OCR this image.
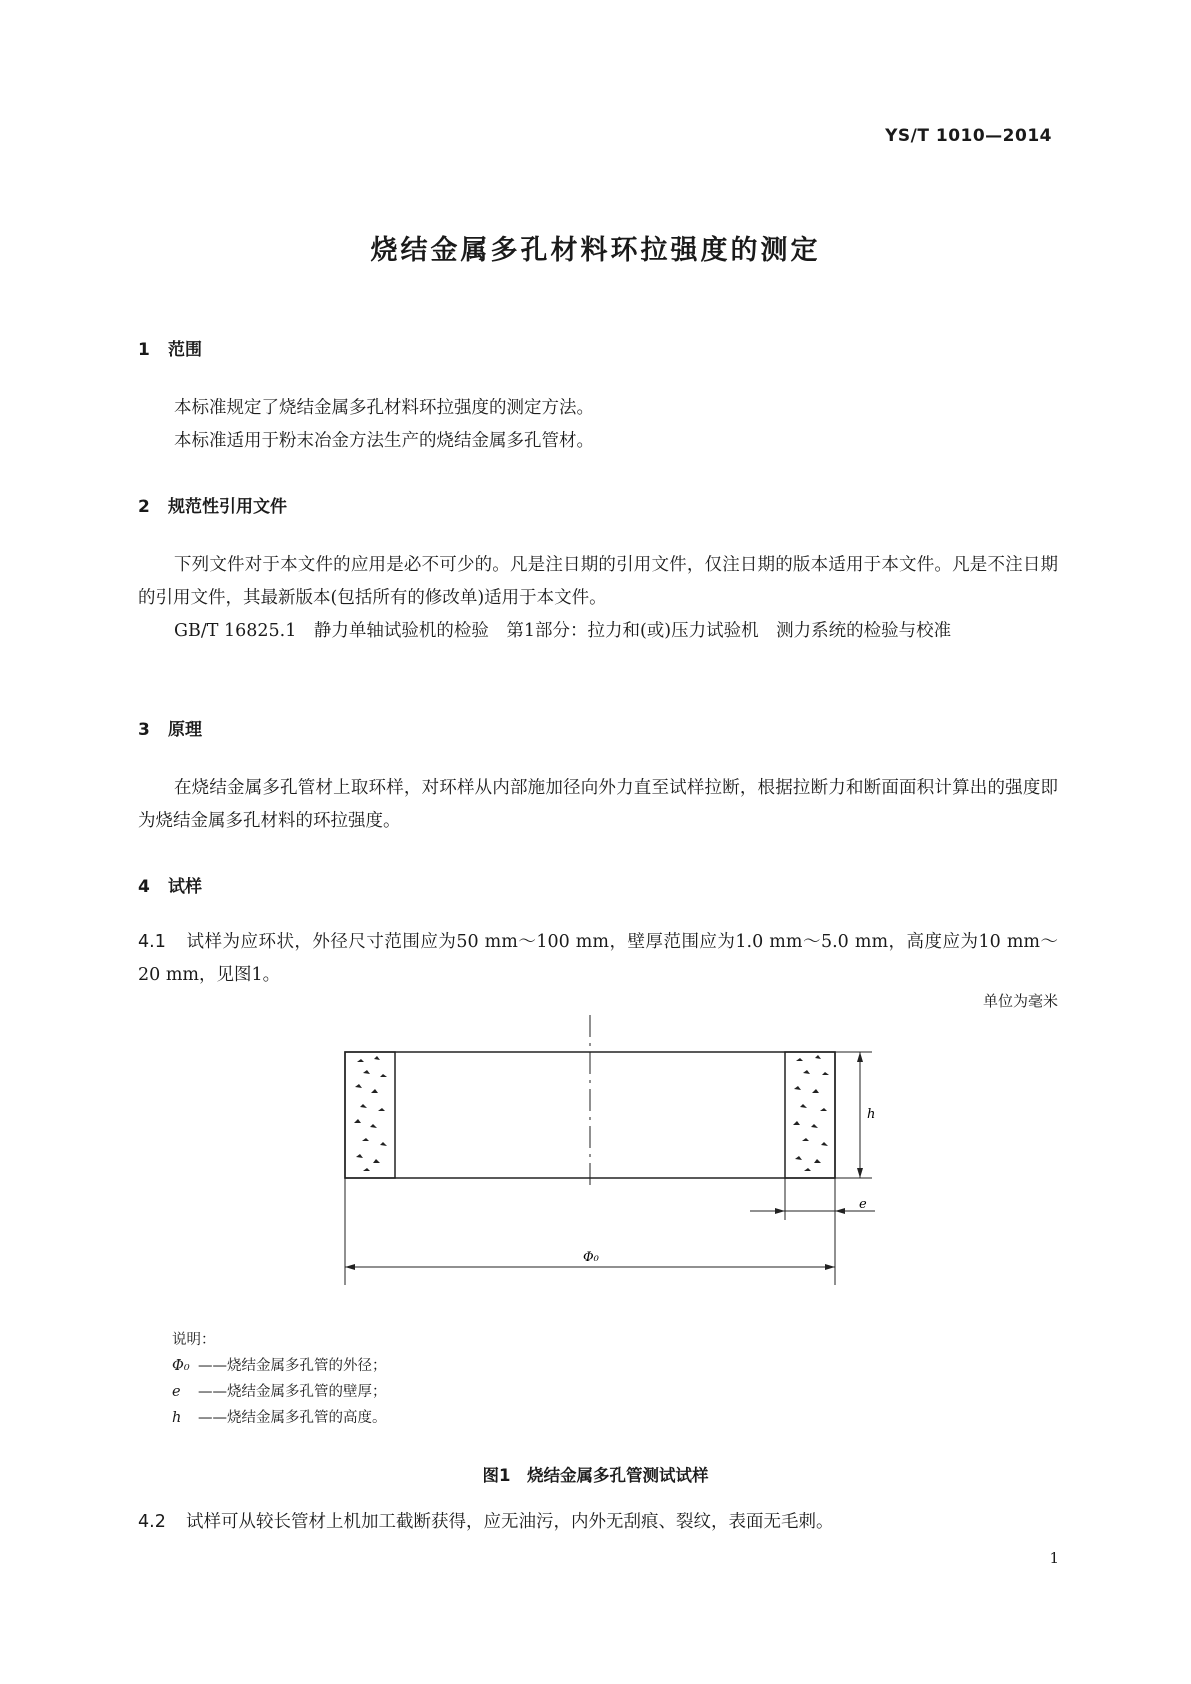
YS/T 1010—2014
烧结金属多孔材料环拉强度的测定
1 范围
本标准规定了烧结金属多孔材料环拉强度的测定方法。
本标准适用于粉末冶金方法生产的烧结金属多孔管材。
2 规范性引用文件
下列文件对于本文件的应用是必不可少的。凡是注日期的引用文件，仅注日期的版本适用于本文件。凡是不注日期的引用文件，其最新版本(包括所有的修改单)适用于本文件。
GB/T 16825.1　静力单轴试验机的检验　第1部分：拉力和(或)压力试验机　测力系统的检验与校准
3 原理
在烧结金属多孔管材上取环样，对环样从内部施加径向外力直至试样拉断，根据拉断力和断面面积计算出的强度即为烧结金属多孔材料的环拉强度。
4 试样
4.1 试样为应环状，外径尺寸范围应为50 mm～100 mm，壁厚范围应为1.0 mm～5.0 mm，高度应为10 mm～20 mm，见图1。
单位为毫米
h
e
Φ₀
说明：
Φ₀ ——烧结金属多孔管的外径；
e ——烧结金属多孔管的壁厚；
h ——烧结金属多孔管的高度。
图1　烧结金属多孔管测试试样
4.2 试样可从较长管材上机加工截断获得，应无油污，内外无刮痕、裂纹，表面无毛刺。
1
